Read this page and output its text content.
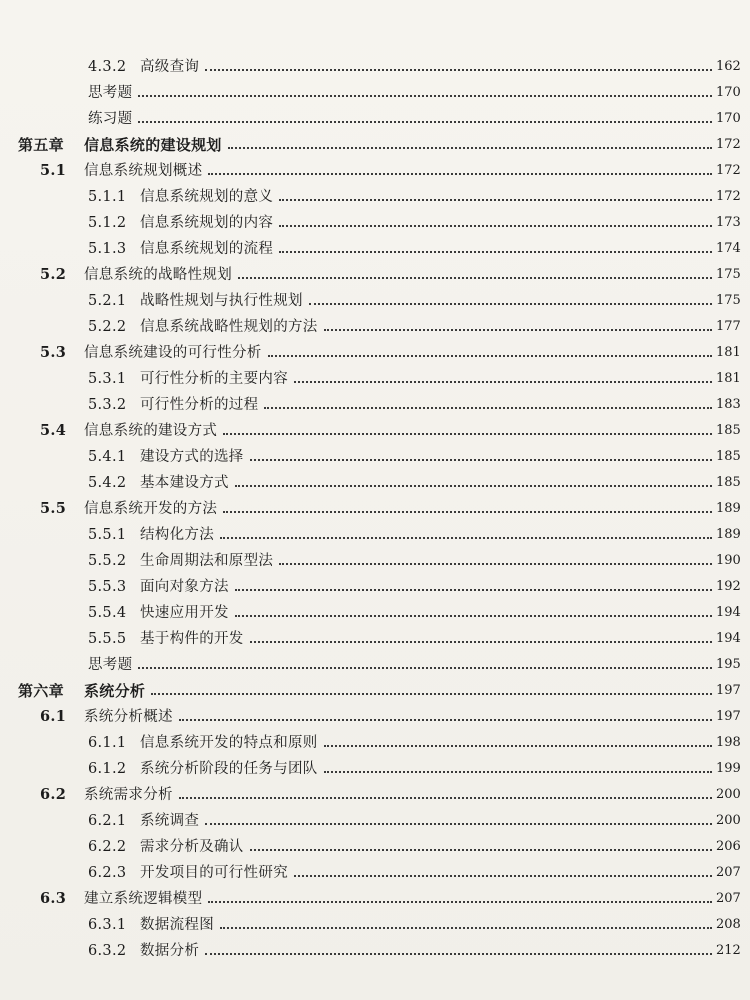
4.3.2 高级查询	162
思考题	170
练习题	170
第五章 信息系统的建设规划	172
5.1 信息系统规划概述	172
5.1.1 信息系统规划的意义	172
5.1.2 信息系统规划的内容	173
5.1.3 信息系统规划的流程	174
5.2 信息系统的战略性规划	175
5.2.1 战略性规划与执行性规划	175
5.2.2 信息系统战略性规划的方法	177
5.3 信息系统建设的可行性分析	181
5.3.1 可行性分析的主要内容	181
5.3.2 可行性分析的过程	183
5.4 信息系统的建设方式	185
5.4.1 建设方式的选择	185
5.4.2 基本建设方式	185
5.5 信息系统开发的方法	189
5.5.1 结构化方法	189
5.5.2 生命周期法和原型法	190
5.5.3 面向对象方法	192
5.5.4 快速应用开发	194
5.5.5 基于构件的开发	194
思考题	195
第六章 系统分析	197
6.1 系统分析概述	197
6.1.1 信息系统开发的特点和原则	198
6.1.2 系统分析阶段的任务与团队	199
6.2 系统需求分析	200
6.2.1 系统调查	200
6.2.2 需求分析及确认	206
6.2.3 开发项目的可行性研究	207
6.3 建立系统逻辑模型	207
6.3.1 数据流程图	208
6.3.2 数据分析	212
